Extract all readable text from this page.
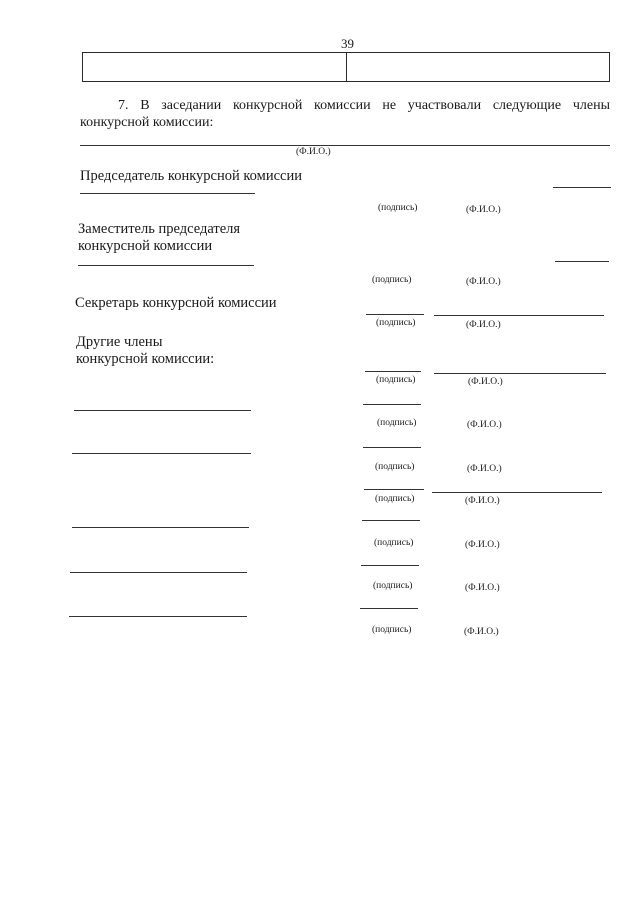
39
7. В заседании конкурсной комиссии не участвовали следующие члены конкурсной комиссии:
(Ф.И.О.)
Председатель конкурсной комиссии
(подпись)	(Ф.И.О.)
Заместитель председателя
конкурсной комиссии
(подпись)	(Ф.И.О.)
Секретарь конкурсной комиссии
(подпись)	(Ф.И.О.)
Другие члены
конкурсной комиссии:
(подпись)	(Ф.И.О.)
(подпись)	(Ф.И.О.)
(подпись)	(Ф.И.О.)
(подпись)	(Ф.И.О.)
(подпись)	(Ф.И.О.)
(подпись)	(Ф.И.О.)
(подпись)	(Ф.И.О.)
